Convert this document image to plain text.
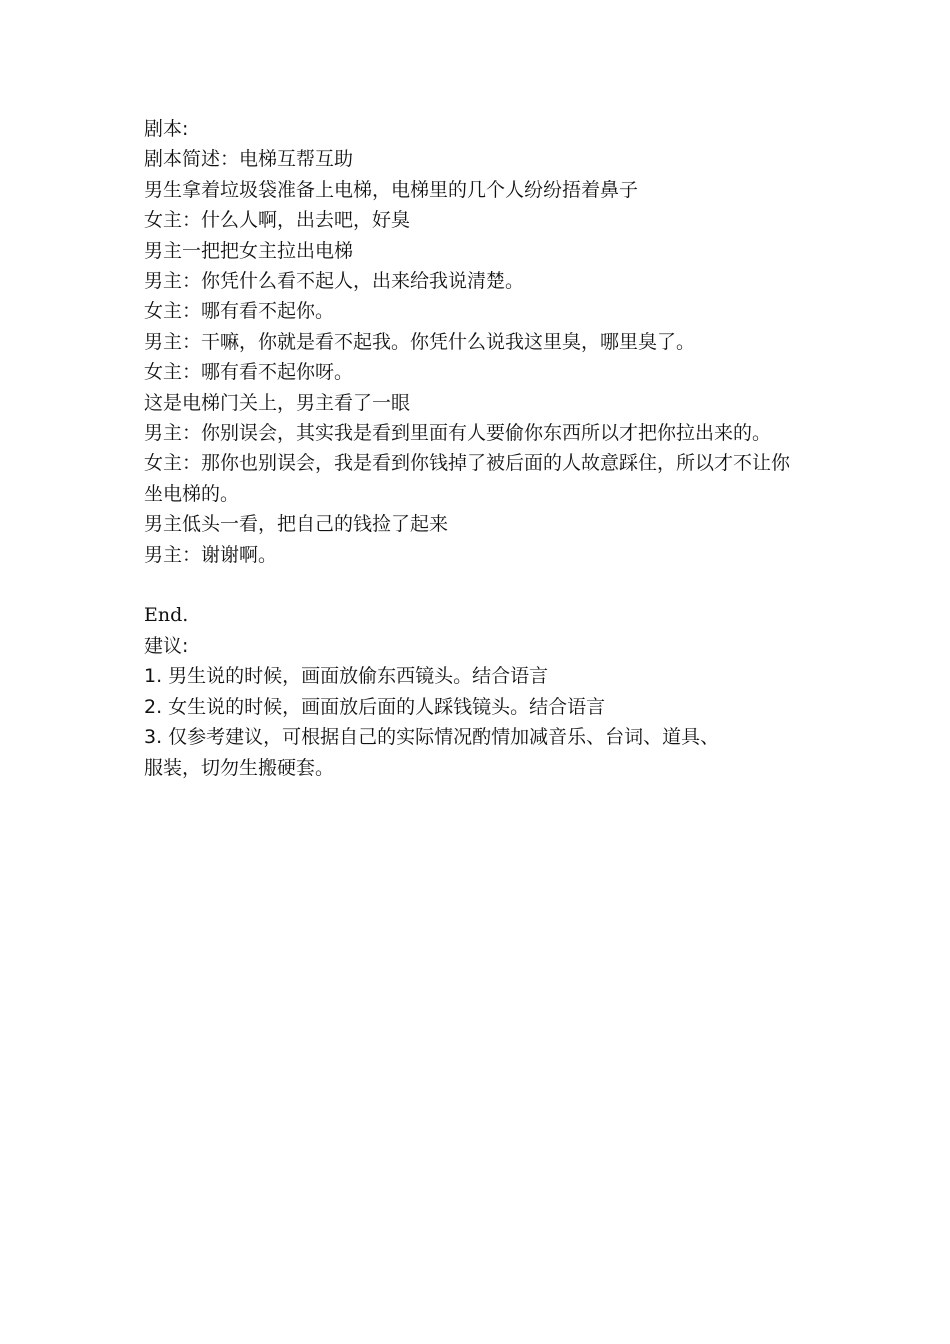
剧本:

剧本简述：电梯互帮互助

男生拿着垃圾袋准备上电梯，电梯里的几个人纷纷捂着鼻子

女主：什么人啊，出去吧，好臭

男主一把把女主拉出电梯

男主：你凭什么看不起人，出来给我说清楚。

女主：哪有看不起你。

男主：干嘛，你就是看不起我。你凭什么说我这里臭，哪里臭了。

女主：哪有看不起你呀。

这是电梯门关上，男主看了一眼

男主：你别误会，其实我是看到里面有人要偷你东西所以才把你拉出来的。

女主：那你也别误会，我是看到你钱掉了被后面的人故意踩住，所以才不让你坐电梯的。

男主低头一看，把自己的钱捡了起来

男主：谢谢啊。

End.

建议:

1. 男生说的时候，画面放偷东西镜头。结合语言

2. 女生说的时候，画面放后面的人踩钱镜头。结合语言

3. 仅参考建议，可根据自己的实际情况酌情加减音乐、台词、道具、服装，切勿生搬硬套。
